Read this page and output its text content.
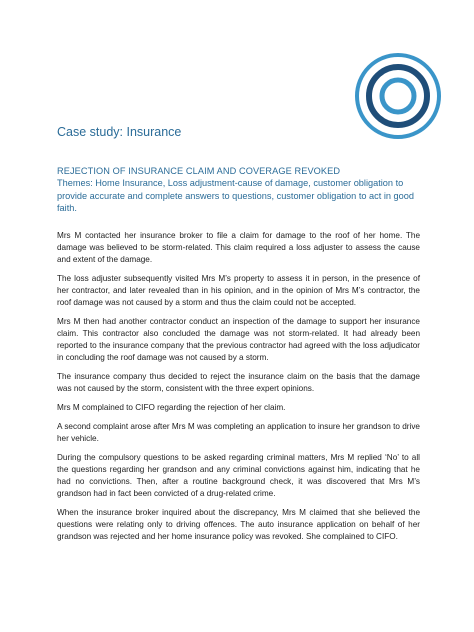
Case study: Insurance
REJECTION OF INSURANCE CLAIM AND COVERAGE REVOKED
Themes: Home Insurance, Loss adjustment-cause of damage, customer obligation to provide accurate and complete answers to questions, customer obligation to act in good faith.

Mrs M contacted her insurance broker to file a claim for damage to the roof of her home. The damage was believed to be storm-related. This claim required a loss adjuster to assess the cause and extent of the damage.

The loss adjuster subsequently visited Mrs M’s property to assess it in person, in the presence of her contractor, and later revealed than in his opinion, and in the opinion of Mrs M’s contractor, the roof damage was not caused by a storm and thus the claim could not be accepted.

Mrs M then had another contractor conduct an inspection of the damage to support her insurance claim. This contractor also concluded the damage was not storm-related. It had already been reported to the insurance company that the previous contractor had agreed with the loss adjudicator in concluding the roof damage was not caused by a storm.

The insurance company thus decided to reject the insurance claim on the basis that the damage was not caused by the storm, consistent with the three expert opinions.

Mrs M complained to CIFO regarding the rejection of her claim.

A second complaint arose after Mrs M was completing an application to insure her grandson to drive her vehicle.

During the compulsory questions to be asked regarding criminal matters, Mrs M replied ‘No’ to all the questions regarding her grandson and any criminal convictions against him, indicating that he had no convictions. Then, after a routine background check, it was discovered that Mrs M’s grandson had in fact been convicted of a drug-related crime.

When the insurance broker inquired about the discrepancy, Mrs M claimed that she believed the questions were relating only to driving offences. The auto insurance application on behalf of her grandson was rejected and her home insurance policy was revoked. She complained to CIFO.
